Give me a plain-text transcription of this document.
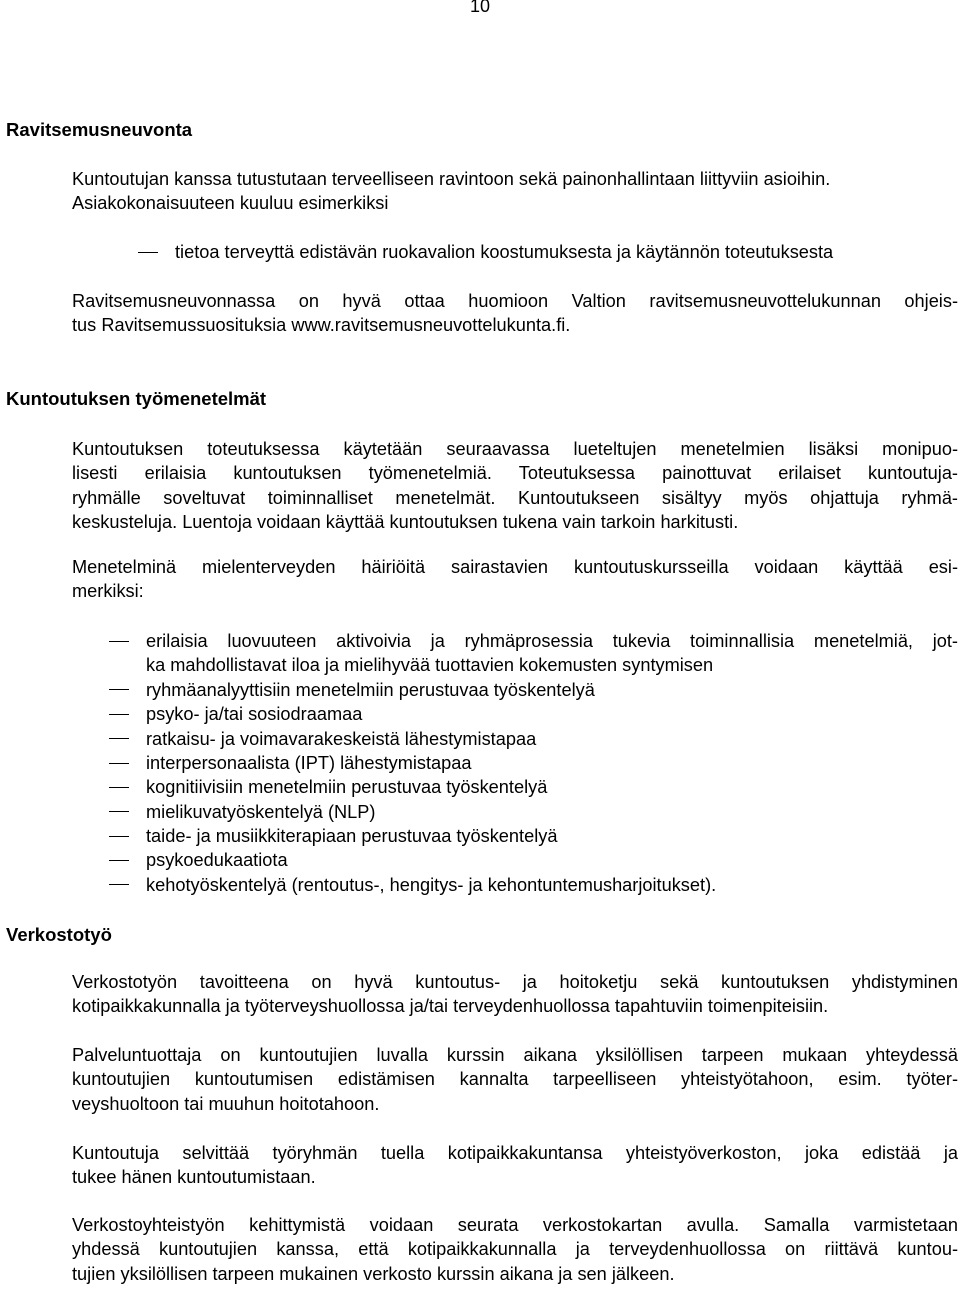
10
Ravitsemusneuvonta
Kuntoutujan kanssa tutustutaan terveelliseen ravintoon sekä painonhallintaan liittyviin asioihin.
Asiakokonaisuuteen kuuluu esimerkiksi
tietoa terveyttä edistävän ruokavalion koostumuksesta ja käytännön toteutuksesta
Ravitsemusneuvonnassa on hyvä ottaa huomioon Valtion ravitsemusneuvottelukunnan ohjeis-
tus Ravitsemussuosituksia www.ravitsemusneuvottelukunta.fi.
Kuntoutuksen työmenetelmät
Kuntoutuksen toteutuksessa käytetään seuraavassa lueteltujen menetelmien lisäksi monipuo-
lisesti erilaisia kuntoutuksen työmenetelmiä. Toteutuksessa painottuvat erilaiset kuntoutuja-
ryhmälle soveltuvat toiminnalliset menetelmät. Kuntoutukseen sisältyy myös ohjattuja ryhmä-
keskusteluja. Luentoja voidaan käyttää kuntoutuksen tukena vain tarkoin harkitusti.
Menetelminä mielenterveyden häiriöitä sairastavien kuntoutuskursseilla voidaan käyttää esi-
merkiksi:
erilaisia luovuuteen aktivoivia ja ryhmäprosessia tukevia toiminnallisia menetelmiä, jot-
ka mahdollistavat iloa ja mielihyvää tuottavien kokemusten syntymisen
ryhmäanalyyttisiin menetelmiin perustuvaa työskentelyä
psyko- ja/tai sosiodraamaa
ratkaisu- ja voimavarakeskeistä lähestymistapaa
interpersonaalista (IPT) lähestymistapaa
kognitiivisiin menetelmiin perustuvaa työskentelyä
mielikuvatyöskentelyä (NLP)
taide- ja musiikkiterapiaan perustuvaa työskentelyä
psykoedukaatiota
kehotyöskentelyä (rentoutus-, hengitys- ja kehontuntemusharjoitukset).
Verkostotyö
Verkostotyön tavoitteena on hyvä kuntoutus- ja hoitoketju sekä kuntoutuksen yhdistyminen
kotipaikkakunnalla ja työterveyshuollossa ja/tai terveydenhuollossa tapahtuviin toimenpiteisiin.
Palveluntuottaja on kuntoutujien luvalla kurssin aikana yksilöllisen tarpeen mukaan yhteydessä
kuntoutujien kuntoutumisen edistämisen kannalta tarpeelliseen yhteistyötahoon, esim. työter-
veyshuoltoon tai muuhun hoitotahoon.
Kuntoutuja selvittää työryhmän tuella kotipaikkakuntansa yhteistyöverkoston, joka edistää ja
tukee hänen kuntoutumistaan.
Verkostoyhteistyön kehittymistä voidaan seurata verkostokartan avulla. Samalla varmistetaan
yhdessä kuntoutujien kanssa, että kotipaikkakunnalla ja terveydenhuollossa on riittävä kuntou-
tujien yksilöllisen tarpeen mukainen verkosto kurssin aikana ja sen jälkeen.
